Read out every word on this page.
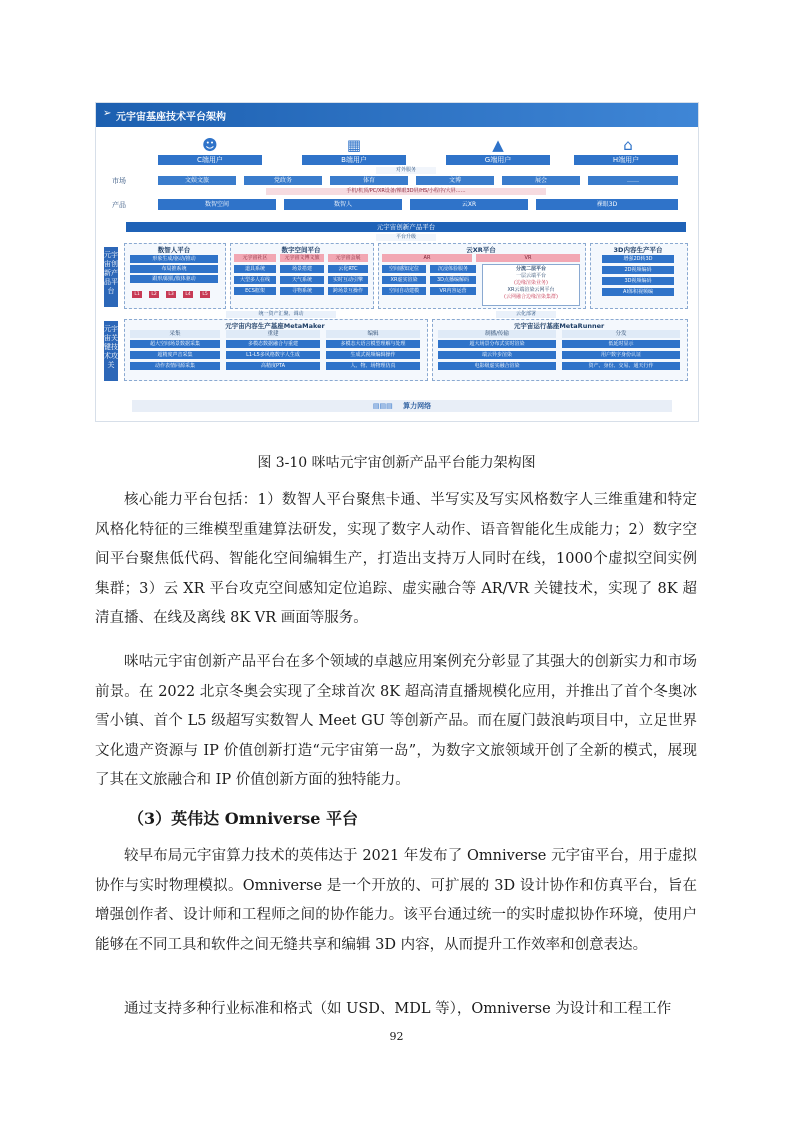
➢ 元宇宙基座技术平台架构
☻	▦	▲	⌂
C端用户	B端用户	G端用户	H端用户
对外服务
市场	文娱文旅	党政务	体育	文博	展会	……
手机/机顶/PC/XR设备/裸眼3D屏/HS/小程序/大屏……
产品	数智空间	数智人	云XR	裸眼3D
元宇宙创新产品平台
平台升级
元宇宙创新产品平台
元宇宙关键技术攻关
数智人平台
形象生成/驱动/推动
布局推系统
跟形/跟肌/肢体驱动
L1	L2	L3	L4	L5
数字空间平台
元宇宙社区	元宇宙文博文旅	元宇宙会展
道具系统	场景搭建	云化RTC
大型多人在线	天气系统	实时互动引擎
ECS框架	寻物系统	跨场景互操作
云XR平台
AR	VR
空间感知定位	沉浸体验服务
XR虚实渲染	3D点播编解码
空间自动建模	VR内容运营
分流二层平台
一层云端平台
(边缘渲染业务)
XR云端渲染云网平台
(云网融合边缘渲染集群)
3D内容生产平台
增强2D转3D
2D视频编码
3D视频编码
AI体积视频编
统一资产汇聚、调动	云化部署
元宇宙内容生产基座MetaMaker
采集	重建	编辑
超大空间场景数据采集	多模态数据融合与重建	多模态大语言模型理解与处理
超精度声音采集	L1-L5多风格数字人生成	生成式视频编辑操作
动作表情同源采集	高精度PTA	人、物、场物理仿真
元宇宙运行基座MetaRunner
制播/传输	分发
超大场景分布式实时渲染	低延时显示
端云异步渲染	用户数字身份认证
电影级虚实融合渲染	资产、身份、交易、通天行作
▤▤▤ 算力网络
图 3-10 咪咕元宇宙创新产品平台能力架构图

核心能力平台包括：1）数智人平台聚焦卡通、半写实及写实风格数字人三维重建和特定风格化特征的三维模型重建算法研发，实现了数字人动作、语音智能化生成能力；2）数字空间平台聚焦低代码、智能化空间编辑生产，打造出支持万人同时在线，1000个虚拟空间实例集群；3）云 XR 平台攻克空间感知定位追踪、虚实融合等 AR/VR 关键技术，实现了 8K 超清直播、在线及离线 8K VR 画面等服务。

咪咕元宇宙创新产品平台在多个领域的卓越应用案例充分彰显了其强大的创新实力和市场前景。在 2022 北京冬奥会实现了全球首次 8K 超高清直播规模化应用，并推出了首个冬奥冰雪小镇、首个 L5 级超写实数智人 Meet GU 等创新产品。而在厦门鼓浪屿项目中，立足世界文化遗产资源与 IP 价值创新打造“元宇宙第一岛”，为数字文旅领域开创了全新的模式，展现了其在文旅融合和 IP 价值创新方面的独特能力。

（3）英伟达 Omniverse 平台

较早布局元宇宙算力技术的英伟达于 2021 年发布了 Omniverse 元宇宙平台，用于虚拟协作与实时物理模拟。Omniverse 是一个开放的、可扩展的 3D 设计协作和仿真平台，旨在增强创作者、设计师和工程师之间的协作能力。该平台通过统一的实时虚拟协作环境，使用户能够在不同工具和软件之间无缝共享和编辑 3D 内容，从而提升工作效率和创意表达。

通过支持多种行业标准和格式（如 USD、MDL 等），Omniverse 为设计和工程工作

92
